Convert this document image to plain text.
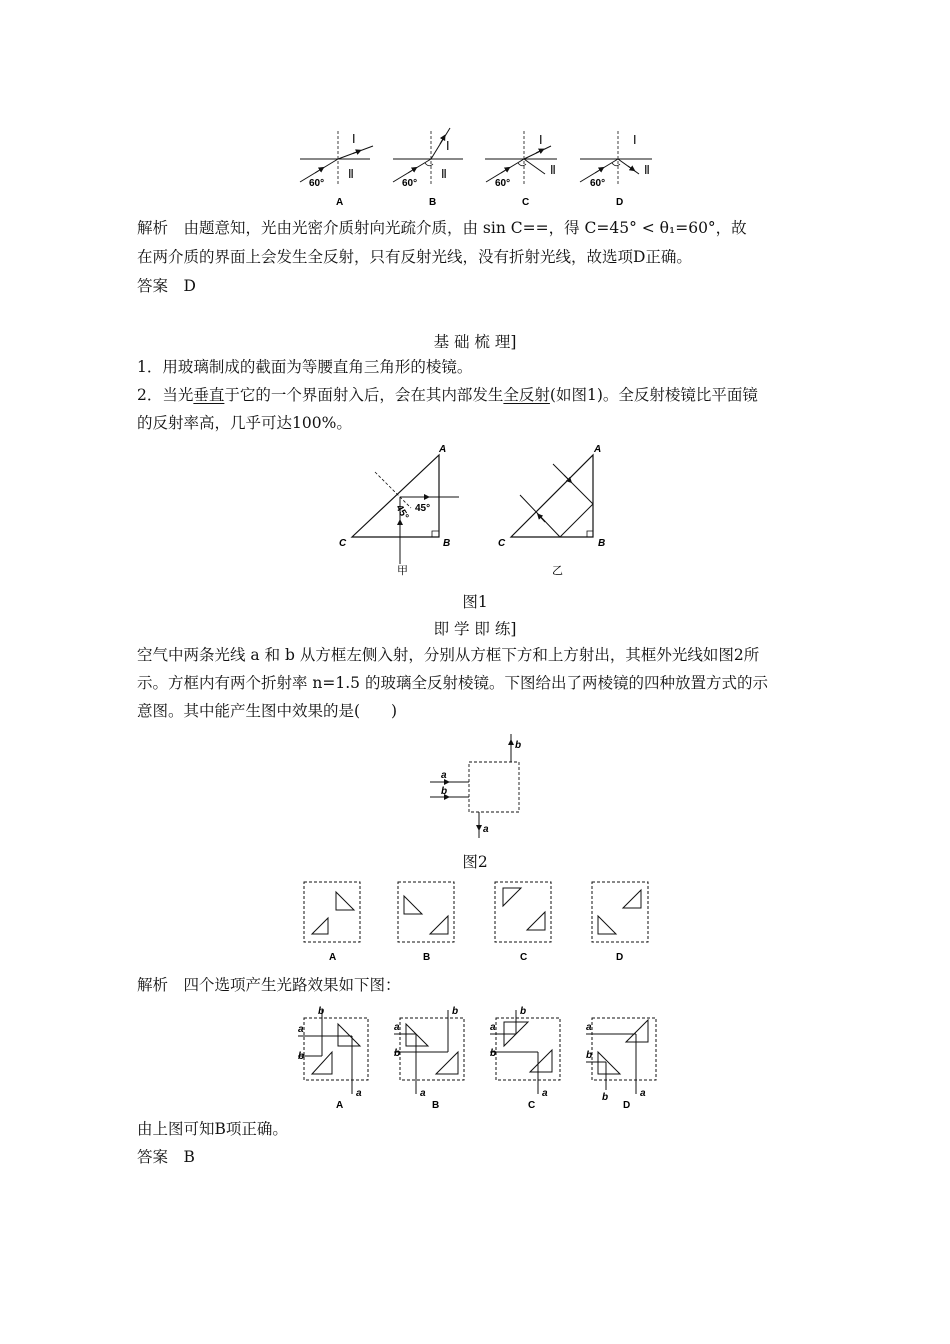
Ⅰ
Ⅱ
60°
A
Ⅰ
Ⅱ
60°
B
Ⅰ
Ⅱ
60°
C
Ⅰ
Ⅱ
60°
D
解析　由题意知，光由光密介质射向光疏介质，由 sin C==，得 C=45° < θ₁=60°，故
在两介质的界面上会发生全反射，只有反射光线，没有折射光线，故选项D正确。
答案　D
基 础 梳 理]
1．用玻璃制成的截面为等腰直角三角形的棱镜。
2．当光垂直于它的一个界面射入后，会在其内部发生全反射(如图1)。全反射棱镜比平面镜
的反射率高，几乎可达100%。
45°
45°
A
B
C
甲
A
B
C
乙
图1
即 学 即 练]
空气中两条光线 a 和 b 从方框左侧入射，分别从方框下方和上方射出，其框外光线如图2所
示。方框内有两个折射率 n=1.5 的玻璃全反射棱镜。下图给出了两棱镜的四种放置方式的示
意图。其中能产生图中效果的是(　　)
a
b
b
a
图2
A	B	C	D
解析　四个选项产生光路效果如下图：
a
b
b
a
A
a
b
b
a
B
a
b
b
a
C
a
b
b	a
D
由上图可知B项正确。
答案　B
